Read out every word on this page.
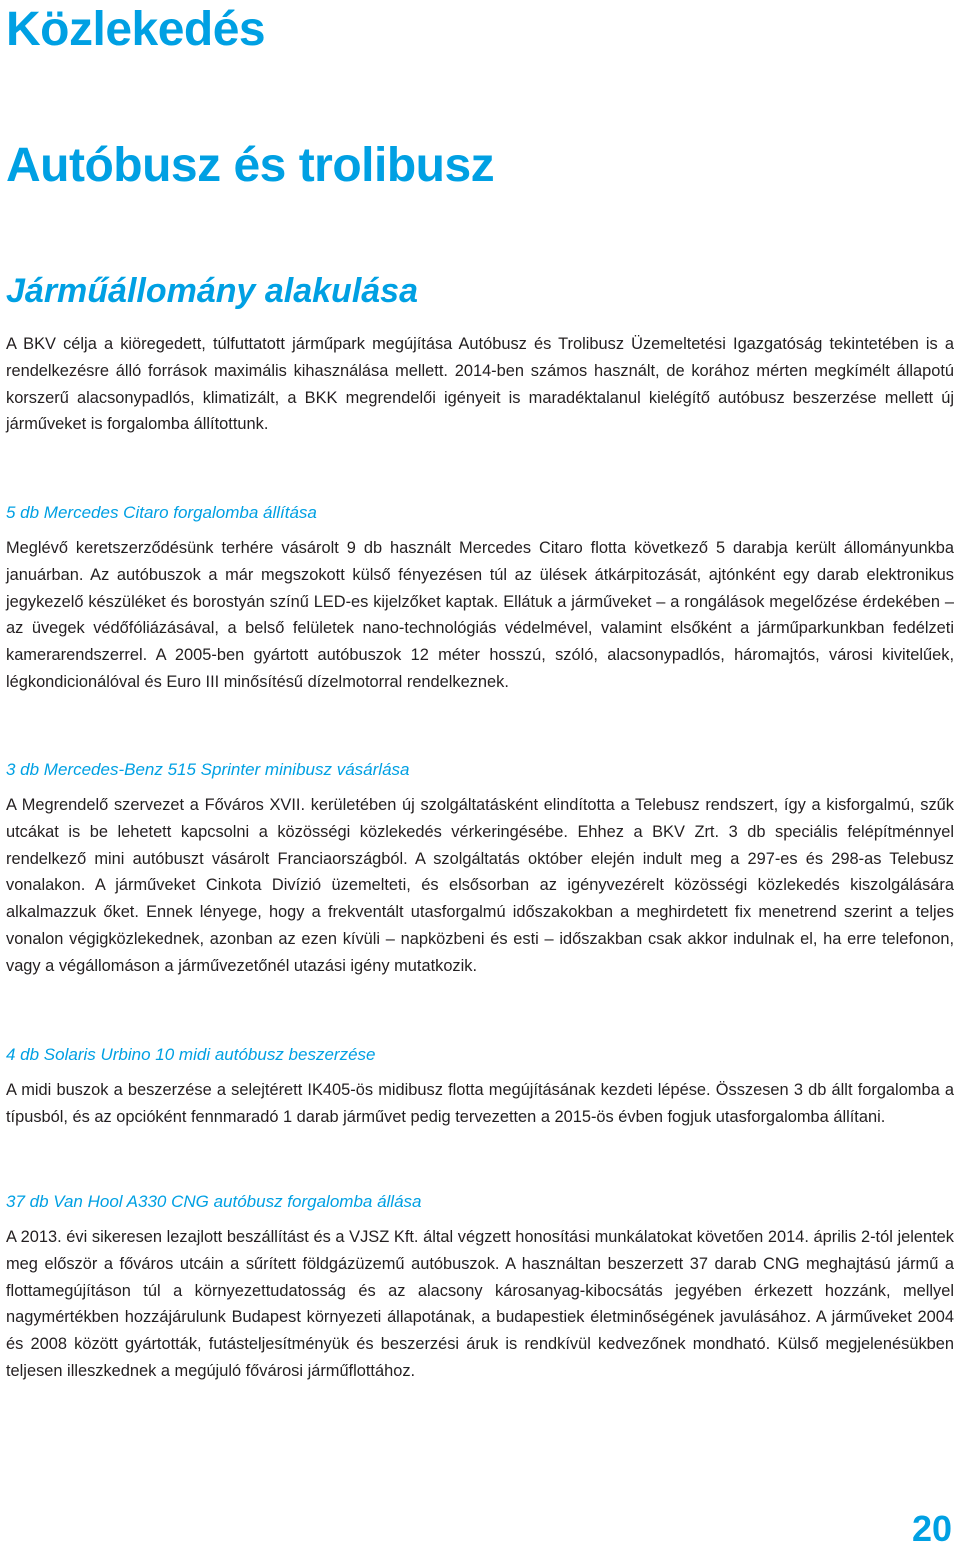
Közlekedés
Autóbusz és trolibusz
Járműállomány alakulása

A BKV célja a kiöregedett, túlfuttatott járműpark megújítása Autóbusz és Trolibusz Üzemeltetési Igazgatóság tekintetében is a rendelkezésre álló források maximális kihasználása mellett. 2014-ben számos használt, de korához mérten megkímélt állapotú korszerű alacsonypadlós, klimatizált, a BKK megrendelői igényeit is maradéktalanul kielégítő autóbusz beszerzése mellett új járműveket is forgalomba állítottunk.

5 db Mercedes Citaro forgalomba állítása

Meglévő keretszerződésünk terhére vásárolt 9 db használt Mercedes Citaro flotta következő 5 darabja került állományunkba januárban. Az autóbuszok a már megszokott külső fényezésen túl az ülések átkárpitozását, ajtónként egy darab elektronikus jegykezelő készüléket és borostyán színű LED-es kijelzőket kaptak. Ellátuk a járműveket – a rongálások megelőzése érdekében – az üvegek védőfóliázásával, a belső felületek nano-technológiás védelmével, valamint elsőként a járműparkunkban fedélzeti kamerarendszerrel. A 2005-ben gyártott autóbuszok 12 méter hosszú, szóló, alacsonypadlós, háromajtós, városi kivitelűek, légkondicionálóval és Euro III minősítésű dízelmotorral rendelkeznek.

3 db Mercedes-Benz 515 Sprinter minibusz vásárlása

A Megrendelő szervezet a Főváros XVII. kerületében új szolgáltatásként elindította a Telebusz rendszert, így a kisforgalmú, szűk utcákat is be lehetett kapcsolni a közösségi közlekedés vérkeringésébe. Ehhez a BKV Zrt. 3 db speciális felépítménnyel rendelkező mini autóbuszt vásárolt Franciaországból. A szolgáltatás október elején indult meg a 297-es és 298-as Telebusz vonalakon. A járműveket Cinkota Divízió üzemelteti, és elsősorban az igényvezérelt közösségi közlekedés kiszolgálására alkalmazzuk őket. Ennek lényege, hogy a frekventált utasforgalmú időszakokban a meghirdetett fix menetrend szerint a teljes vonalon végigközlekednek, azonban az ezen kívüli – napközbeni és esti – időszakban csak akkor indulnak el, ha erre telefonon, vagy a végállomáson a járművezetőnél utazási igény mutatkozik.

4 db Solaris Urbino 10 midi autóbusz beszerzése

A midi buszok a beszerzése a selejtérett IK405-ös midibusz flotta megújításának kezdeti lépése. Összesen 3 db állt forgalomba a típusból, és az opcióként fennmaradó 1 darab járművet pedig tervezetten a 2015-ös évben fogjuk utasforgalomba állítani.

37 db Van Hool A330 CNG autóbusz forgalomba állása

A 2013. évi sikeresen lezajlott beszállítást és a VJSZ Kft. által végzett honosítási munkálatokat követően 2014. április 2-tól jelentek meg először a főváros utcáin a sűrített földgázüzemű autóbuszok. A használtan beszerzett 37 darab CNG meghajtású jármű a flottamegújításon túl a környezettudatosság és az alacsony károsanyag-kibocsátás jegyében érkezett hozzánk, mellyel nagymértékben hozzájárulunk Budapest környezeti állapotának, a budapestiek életminőségének javulásához. A járműveket 2004 és 2008 között gyártották, futásteljesítményük és beszerzési áruk is rendkívül kedvezőnek mondható. Külső megjelenésükben teljesen illeszkednek a megújuló fővárosi járműflottához.

20
